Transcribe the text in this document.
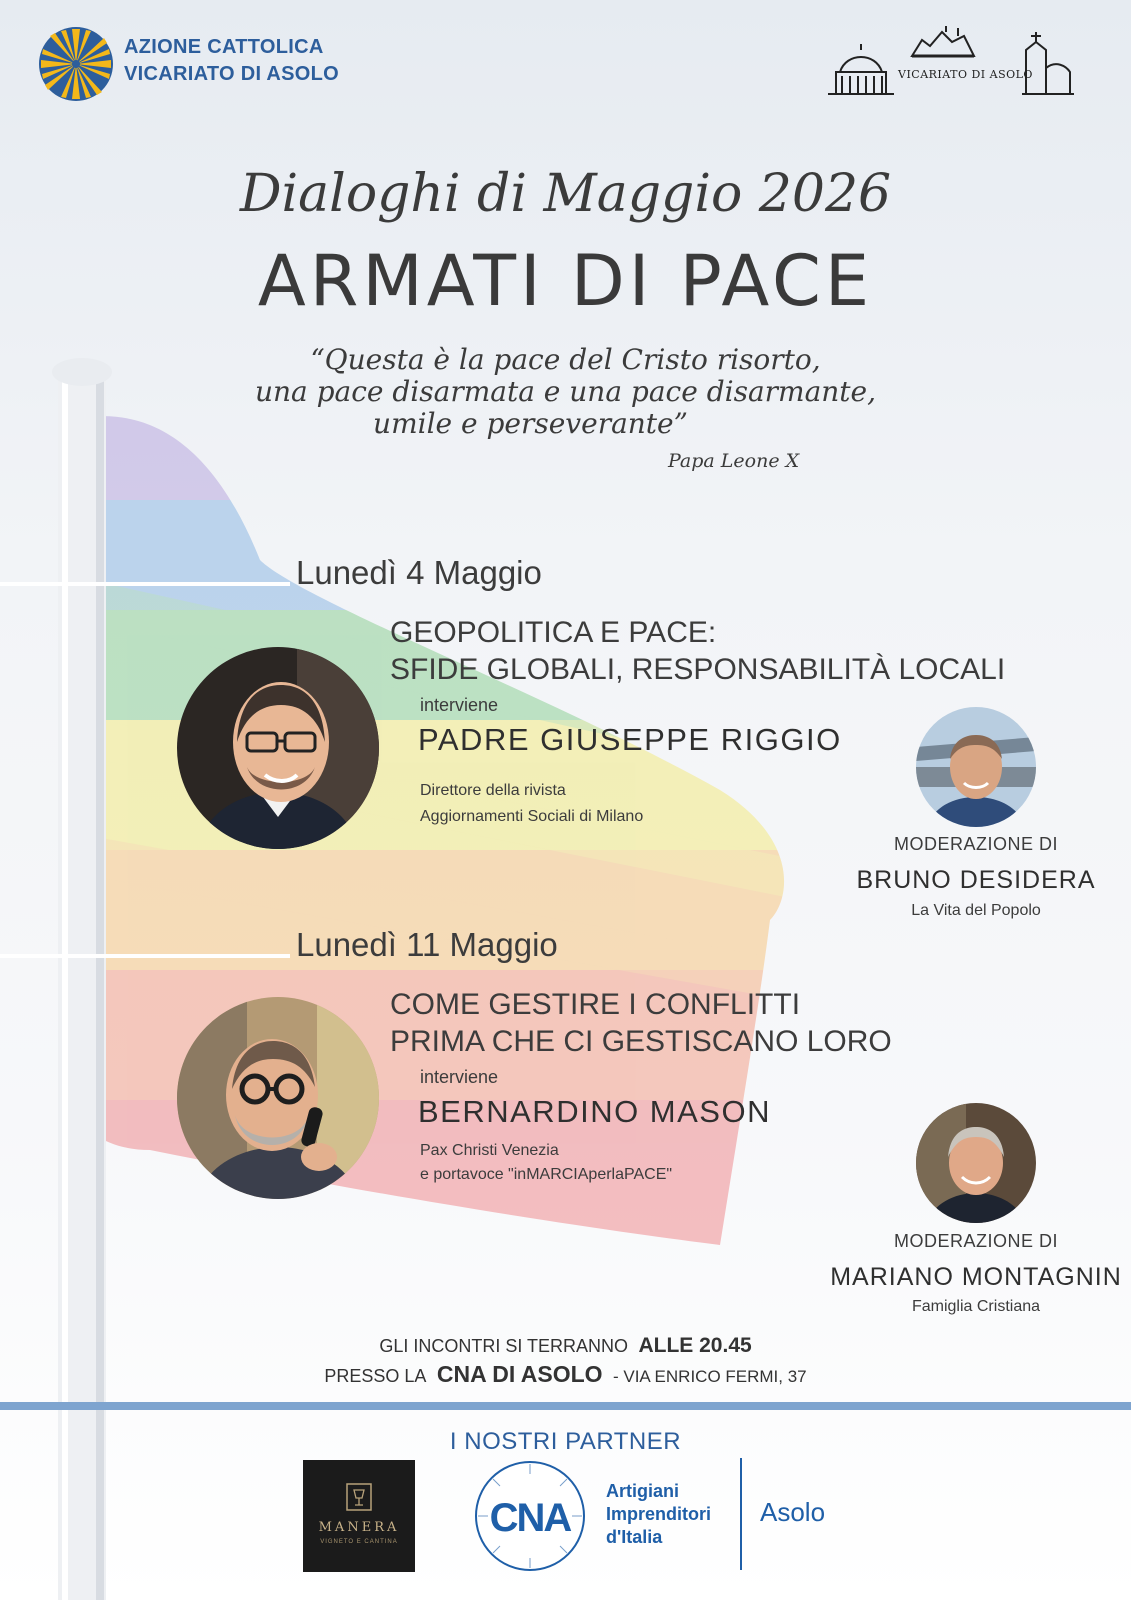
AZIONE CATTOLICA
VICARIATO DI ASOLO	VICARIATO DI ASOLO
Dialoghi di Maggio 2026
ARMATI DI PACE
“Questa è la pace del Cristo risorto,
una pace disarmata e una pace disarmante,
umile e perseverante”
Papa Leone X
Lunedì 4 Maggio
GEOPOLITICA E PACE:
SFIDE GLOBALI, RESPONSABILITÀ LOCALI
interviene
PADRE GIUSEPPE RIGGIO
Direttore della rivista
Aggiornamenti Sociali di Milano
MODERAZIONE DI
BRUNO DESIDERA
La Vita del Popolo
Lunedì 11 Maggio
COME GESTIRE I CONFLITTI
PRIMA CHE CI GESTISCANO LORO
interviene
BERNARDINO MASON
Pax Christi Venezia
e portavoce "inMARCIAperlaPACE"
MODERAZIONE DI
MARIANO MONTAGNIN
Famiglia Cristiana
GLI INCONTRI SI TERRANNO ALLE 20.45
PRESSO LA CNA DI ASOLO - VIA ENRICO FERMI, 37
I NOSTRI PARTNER
MANERA
VIGNETO E CANTINA
CNA
Artigiani
Imprenditori
d'Italia
Asolo
